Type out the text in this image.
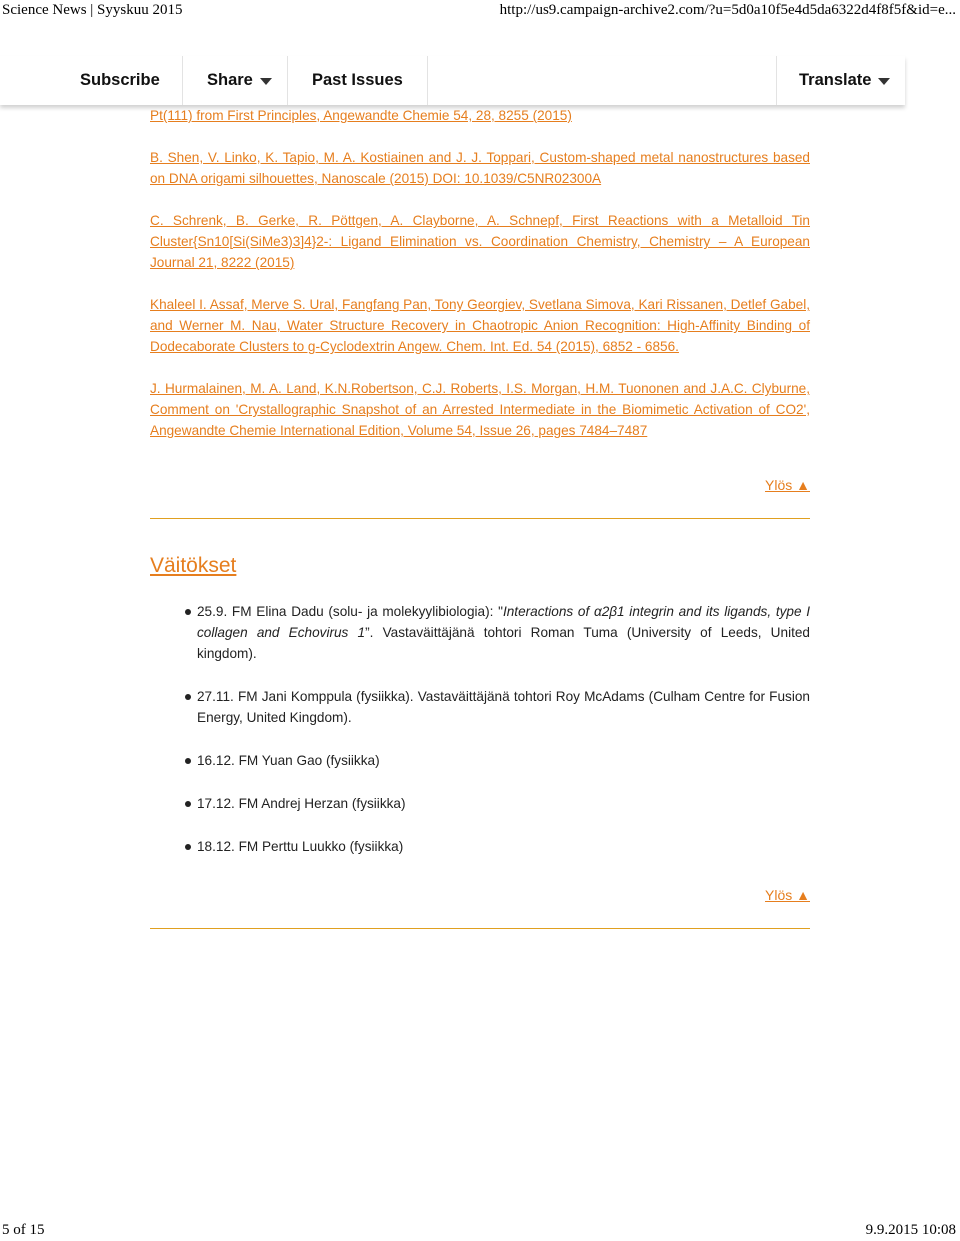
Science News | Syyskuu 2015	http://us9.campaign-archive2.com/?u=5d0a10f5e4d5da6322d4f8f5f&id=e...

Pt(111) from First Principles, Angewandte Chemie 54, 28, 8255 (2015)
B. Shen, V. Linko, K. Tapio, M. A. Kostiainen and J. J. Toppari, Custom-shaped metal nanostructures based on DNA origami silhouettes, Nanoscale (2015) DOI: 10.1039/C5NR02300A
C. Schrenk, B. Gerke, R. Pöttgen, A. Clayborne, A. Schnepf, First Reactions with a Metalloid Tin Cluster{Sn10[Si(SiMe3)3]4}2-: Ligand Elimination vs. Coordination Chemistry, Chemistry – A European Journal 21, 8222 (2015)
Khaleel I. Assaf, Merve S. Ural, Fangfang Pan, Tony Georgiev, Svetlana Simova, Kari Rissanen, Detlef Gabel, and Werner M. Nau, Water Structure Recovery in Chaotropic Anion Recognition: High-Affinity Binding of Dodecaborate Clusters to g-Cyclodextrin Angew. Chem. Int. Ed. 54 (2015), 6852 - 6856.
J. Hurmalainen, M. A. Land, K.N.Robertson, C.J. Roberts, I.S. Morgan, H.M. Tuononen and J.A.C. Clyburne, Comment on 'Crystallographic Snapshot of an Arrested Intermediate in the Biomimetic Activation of CO2', Angewandte Chemie International Edition, Volume 54, Issue 26, pages 7484–7487
Ylös ▲
Väitökset
25.9. FM Elina Dadu (solu- ja molekyylibiologia): "Interactions of α2β1 integrin and its ligands, type I collagen and Echovirus 1”. Vastaväittäjänä tohtori Roman Tuma (University of Leeds, United kingdom).
27.11. FM Jani Komppula (fysiikka). Vastaväittäjänä tohtori Roy McAdams (Culham Centre for Fusion Energy, United Kingdom).
16.12. FM Yuan Gao (fysiikka)
17.12. FM Andrej Herzan (fysiikka)
18.12. FM Perttu Luukko (fysiikka)
Ylös ▲
Subscribe	Share	Past Issues	Translate
5 of 15	9.9.2015 10:08
